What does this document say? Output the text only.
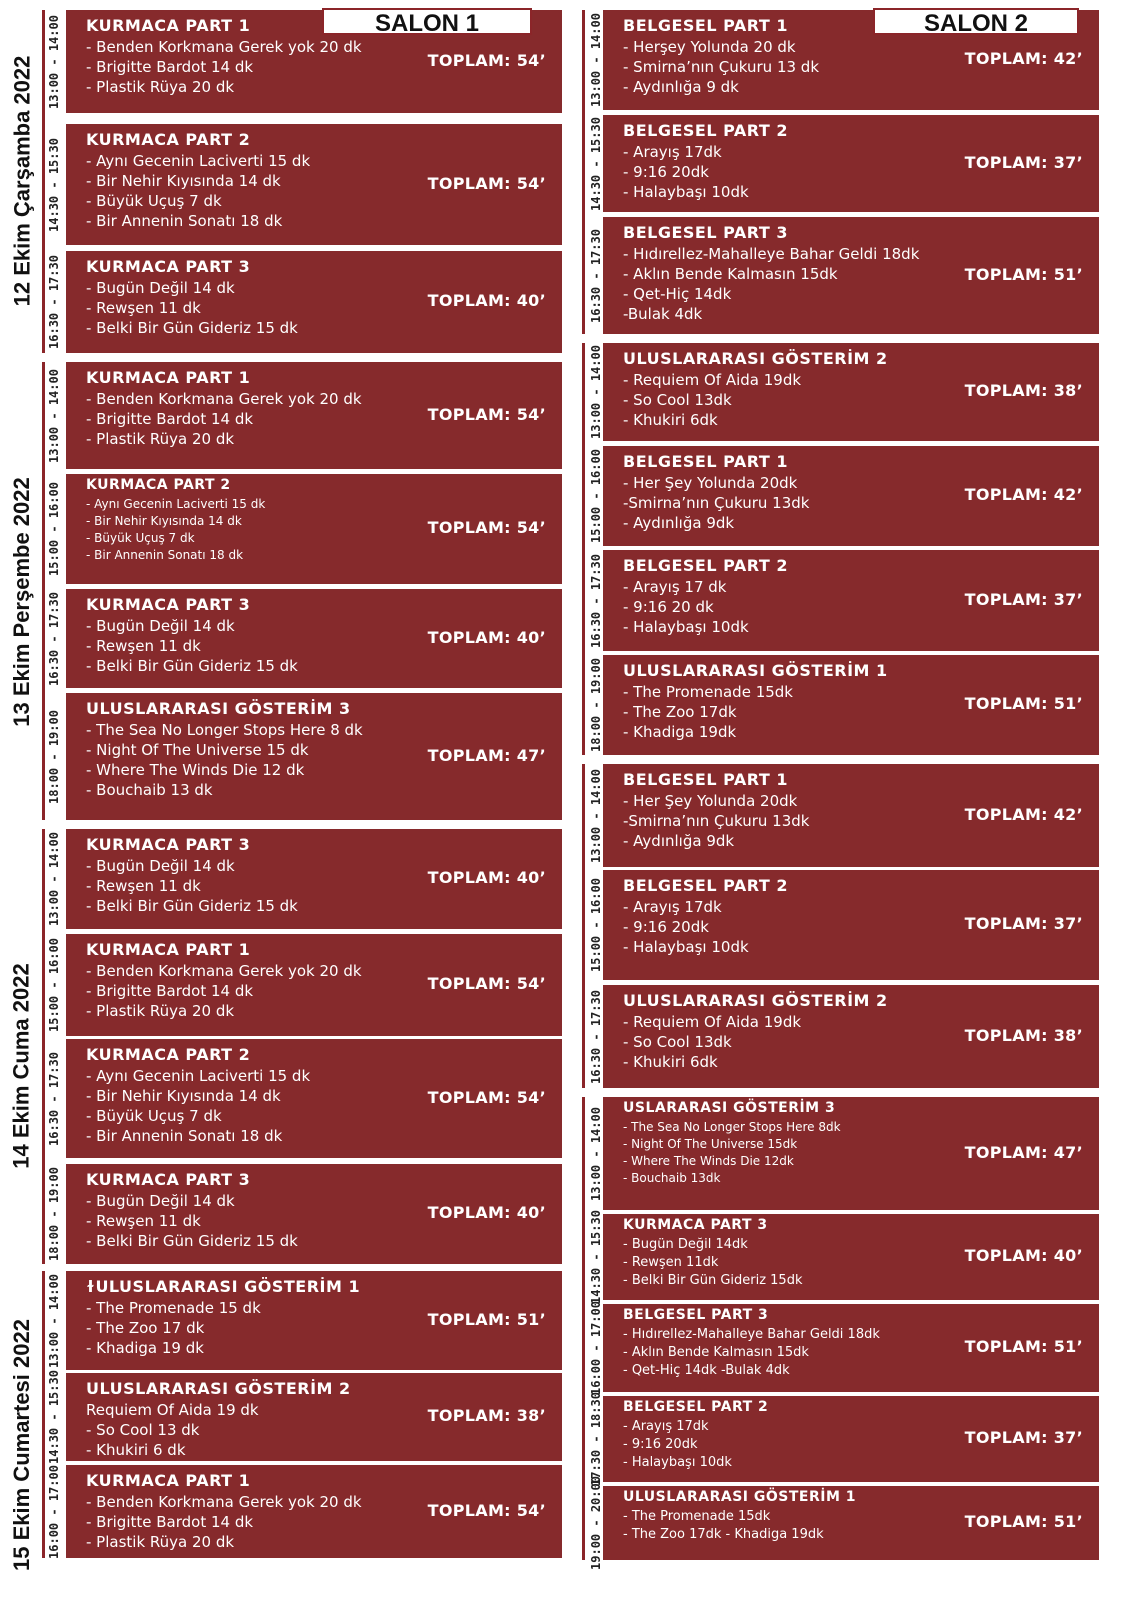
SALON 1	SALON 2
13:00 - 14:00 KURMACA PART 1
- Benden Korkmana Gerek yok 20 dk
- Brigitte Bardot 14 dk
- Plastik Rüya 20 dk
TOPLAM: 54’
14:30 - 15:30 KURMACA PART 2
- Aynı Gecenin Laciverti 15 dk
- Bir Nehir Kıyısında 14 dk
- Büyük Uçuş 7 dk
- Bir Annenin Sonatı 18 dk
TOPLAM: 54’
16:30 - 17:30 KURMACA PART 3
- Bugün Değil 14 dk
- Rewşen 11 dk
- Belki Bir Gün Gideriz 15 dk
TOPLAM: 40’
13:00 - 14:00 KURMACA PART 1
- Benden Korkmana Gerek yok 20 dk
- Brigitte Bardot 14 dk
- Plastik Rüya 20 dk
TOPLAM: 54’
15:00 - 16:00 KURMACA PART 2
- Aynı Gecenin Laciverti 15 dk
- Bir Nehir Kıyısında 14 dk
- Büyük Uçuş 7 dk
- Bir Annenin Sonatı 18 dk
TOPLAM: 54’
16:30 - 17:30 KURMACA PART 3
- Bugün Değil 14 dk
- Rewşen 11 dk
- Belki Bir Gün Gideriz 15 dk
TOPLAM: 40’
18:00 - 19:00
ULUSLARARASI GÖSTERİM 3
- The Sea No Longer Stops Here 8 dk
- Night Of The Universe 15 dk
- Where The Winds Die 12 dk
- Bouchaib 13 dk
TOPLAM: 47’
13:00 - 14:00 KURMACA PART 3
- Bugün Değil 14 dk
- Rewşen 11 dk
- Belki Bir Gün Gideriz 15 dk
TOPLAM: 40’
15:00 - 16:00 KURMACA PART 1
- Benden Korkmana Gerek yok 20 dk
- Brigitte Bardot 14 dk
- Plastik Rüya 20 dk
TOPLAM: 54’
16:30 - 17:30 KURMACA PART 2
- Aynı Gecenin Laciverti 15 dk
- Bir Nehir Kıyısında 14 dk
- Büyük Uçuş 7 dk
- Bir Annenin Sonatı 18 dk
TOPLAM: 54’
18:00 - 19:00 KURMACA PART 3
- Bugün Değil 14 dk
- Rewşen 11 dk
- Belki Bir Gün Gideriz 15 dk
TOPLAM: 40’
13:00 - 14:00 ɫULUSLARARASI GÖSTERİM 1
- The Promenade 15 dk
- The Zoo 17 dk
- Khadiga 19 dk
TOPLAM: 51’
14:30 - 15:30 ULUSLARARASI GÖSTERİM 2
Requiem Of Aida 19 dk
- So Cool 13 dk
- Khukiri 6 dk
TOPLAM: 38’
16:00 - 17:00 KURMACA PART 1
- Benden Korkmana Gerek yok 20 dk
- Brigitte Bardot 14 dk
- Plastik Rüya 20 dk
TOPLAM: 54’
12 Ekim Çarşamba 2022
13 Ekim Perşembe 2022
14 Ekim Cuma 2022
15 Ekim Cumartesi 2022
13:00 - 14:00 BELGESEL PART 1
- Herşey Yolunda 20 dk
- Smirna’nın Çukuru 13 dk
- Aydınlığa 9 dk
TOPLAM: 42’
14:30 - 15:30 BELGESEL PART 2
- Arayış 17dk
- 9:16 20dk
- Halaybaşı 10dk
TOPLAM: 37’
16:30 - 17:30 BELGESEL PART 3
- Hıdırellez-Mahalleye Bahar Geldi 18dk
- Aklın Bende Kalmasın 15dk
- Qet-Hiç 14dk
-Bulak 4dk
TOPLAM: 51’
13:00 - 14:00 ULUSLARARASI GÖSTERİM 2
- Requiem Of Aida 19dk
- So Cool 13dk
- Khukiri 6dk
TOPLAM: 38’
15:00 - 16:00 BELGESEL PART 1
- Her Şey Yolunda 20dk
-Smirna’nın Çukuru 13dk
- Aydınlığa 9dk
TOPLAM: 42’
16:30 - 17:30 BELGESEL PART 2
- Arayış 17 dk
- 9:16 20 dk
- Halaybaşı 10dk
TOPLAM: 37’
18:00 - 19:00 ULUSLARARASI GÖSTERİM 1
- The Promenade 15dk
- The Zoo 17dk
- Khadiga 19dk
TOPLAM: 51’
13:00 - 14:00 BELGESEL PART 1
- Her Şey Yolunda 20dk
-Smirna’nın Çukuru 13dk
- Aydınlığa 9dk
TOPLAM: 42’
15:00 - 16:00 BELGESEL PART 2
- Arayış 17dk
- 9:16 20dk
- Halaybaşı 10dk
TOPLAM: 37’
16:30 - 17:30 ULUSLARARASI GÖSTERİM 2
- Requiem Of Aida 19dk
- So Cool 13dk
- Khukiri 6dk
TOPLAM: 38’
13:00 - 14:00 USLARARASI GÖSTERİM 3
- The Sea No Longer Stops Here 8dk
- Night Of The Universe 15dk
- Where The Winds Die 12dk
- Bouchaib 13dk
TOPLAM: 47’
14:30 - 15:30 KURMACA PART 3
- Bugün Değil 14dk
- Rewşen 11dk
- Belki Bir Gün Gideriz 15dk
TOPLAM: 40’
16:00 - 17:00 BELGESEL PART 3
- Hıdırellez-Mahalleye Bahar Geldi 18dk
- Aklın Bende Kalmasın 15dk
- Qet-Hiç 14dk -Bulak 4dk
TOPLAM: 51’
17:30 - 18:30 BELGESEL PART 2
- Arayış 17dk
- 9:16 20dk
- Halaybaşı 10dk
TOPLAM: 37’
19:00 - 20:00 ULUSLARARASI GÖSTERİM 1
- The Promenade 15dk
- The Zoo 17dk - Khadiga 19dk
TOPLAM: 51’
